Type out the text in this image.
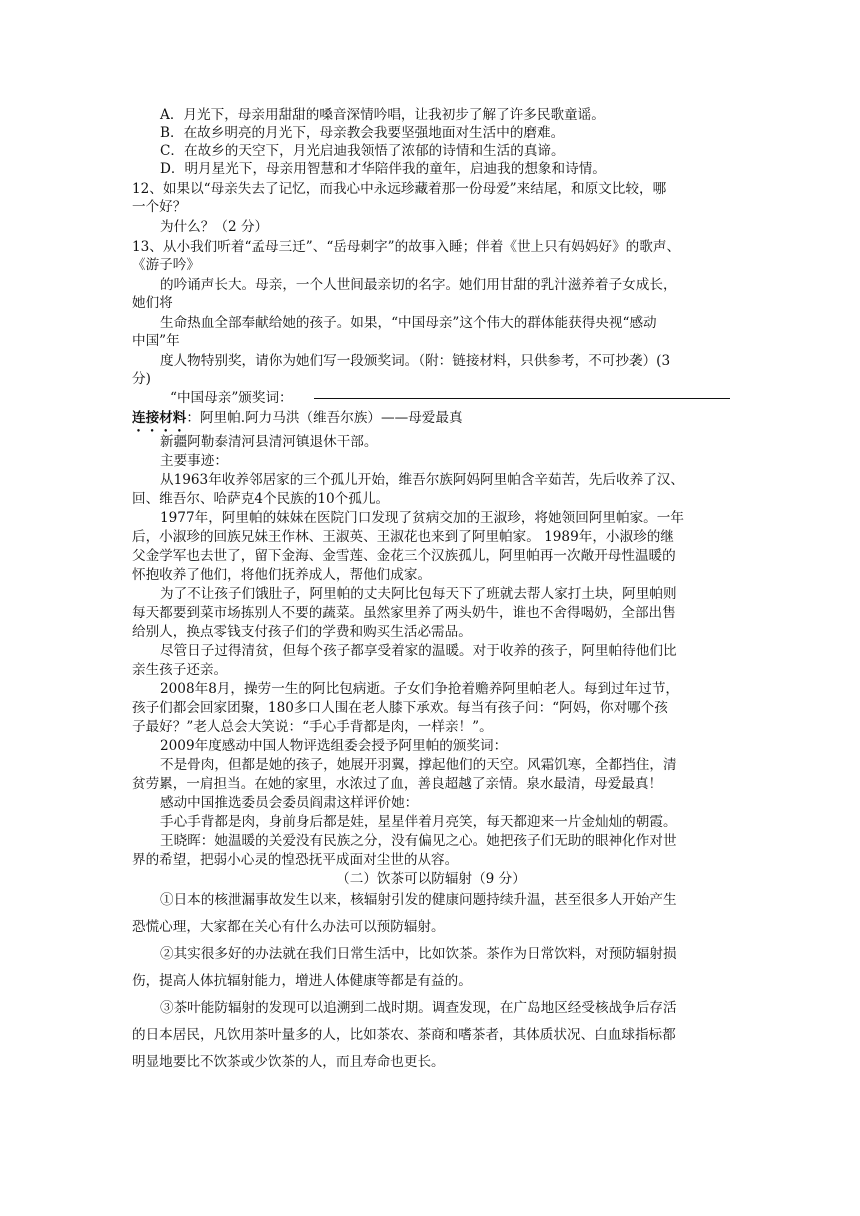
A．月光下，母亲用甜甜的嗓音深情吟唱，让我初步了解了许多民歌童谣。
B．在故乡明亮的月光下，母亲教会我要坚强地面对生活中的磨难。
C．在故乡的天空下，月光启迪我领悟了浓郁的诗情和生活的真谛。
D．明月星光下，母亲用智慧和才华陪伴我的童年，启迪我的想象和诗情。
12、如果以“母亲失去了记忆，而我心中永远珍藏着那一份母爱”来结尾，和原文比较，哪
一个好？
为什么？（2 分）
13、从小我们听着“孟母三迁”、“岳母刺字”的故事入睡；伴着《世上只有妈妈好》的歌声、
《游子吟》
的吟诵声长大。母亲，一个人世间最亲切的名字。她们用甘甜的乳汁滋养着子女成长，
她们将
生命热血全部奉献给她的孩子。如果，“中国母亲”这个伟大的群体能获得央视“感动
中国”年
度人物特别奖，请你为她们写一段颁奖词。（附：链接材料，只供参考，不可抄袭）(3
分)
“中国母亲”颁奖词：
连接材料：阿里帕.阿力马洪（维吾尔族）——母爱最真
新疆阿勒泰清河县清河镇退休干部。
主要事迹：
从1963年收养邻居家的三个孤儿开始，维吾尔族阿妈阿里帕含辛茹苦，先后收养了汉、
回、维吾尔、哈萨克4个民族的10个孤儿。
1977年，阿里帕的妹妹在医院门口发现了贫病交加的王淑珍，将她领回阿里帕家。一年
后，小淑珍的回族兄妹王作林、王淑英、王淑花也来到了阿里帕家。 1989年，小淑珍的继
父金学军也去世了，留下金海、金雪莲、金花三个汉族孤儿，阿里帕再一次敞开母性温暖的
怀抱收养了他们，将他们抚养成人，帮他们成家。
为了不让孩子们饿肚子，阿里帕的丈夫阿比包每天下了班就去帮人家打土块，阿里帕则
每天都要到菜市场拣别人不要的蔬菜。虽然家里养了两头奶牛，谁也不舍得喝奶，全部出售
给别人，换点零钱支付孩子们的学费和购买生活必需品。
尽管日子过得清贫，但每个孩子都享受着家的温暖。对于收养的孩子，阿里帕待他们比
亲生孩子还亲。
2008年8月，操劳一生的阿比包病逝。子女们争抢着赡养阿里帕老人。每到过年过节，
孩子们都会回家团聚，180多口人围在老人膝下承欢。每当有孩子问：“阿妈，你对哪个孩
子最好？”老人总会大笑说：“手心手背都是肉，一样亲！”。
2009年度感动中国人物评选组委会授予阿里帕的颁奖词：
不是骨肉，但都是她的孩子，她展开羽翼，撑起他们的天空。风霜饥寒，全都挡住，清
贫劳累，一肩担当。在她的家里，水浓过了血，善良超越了亲情。泉水最清，母爱最真！
感动中国推选委员会委员阎肃这样评价她：
手心手背都是肉，身前身后都是娃，星星伴着月亮笑，每天都迎来一片金灿灿的朝霞。
王晓晖：她温暖的关爱没有民族之分，没有偏见之心。她把孩子们无助的眼神化作对世
界的希望，把弱小心灵的惶恐抚平成面对尘世的从容。
（二）饮茶可以防辐射（9 分）
①日本的核泄漏事故发生以来，核辐射引发的健康问题持续升温，甚至很多人开始产生
恐慌心理，大家都在关心有什么办法可以预防辐射。
②其实很多好的办法就在我们日常生活中，比如饮茶。茶作为日常饮料，对预防辐射损
伤，提高人体抗辐射能力，增进人体健康等都是有益的。
③茶叶能防辐射的发现可以追溯到二战时期。调查发现，在广岛地区经受核战争后存活
的日本居民，凡饮用茶叶量多的人，比如茶农、茶商和嗜茶者，其体质状况、白血球指标都
明显地要比不饮茶或少饮茶的人，而且寿命也更长。
